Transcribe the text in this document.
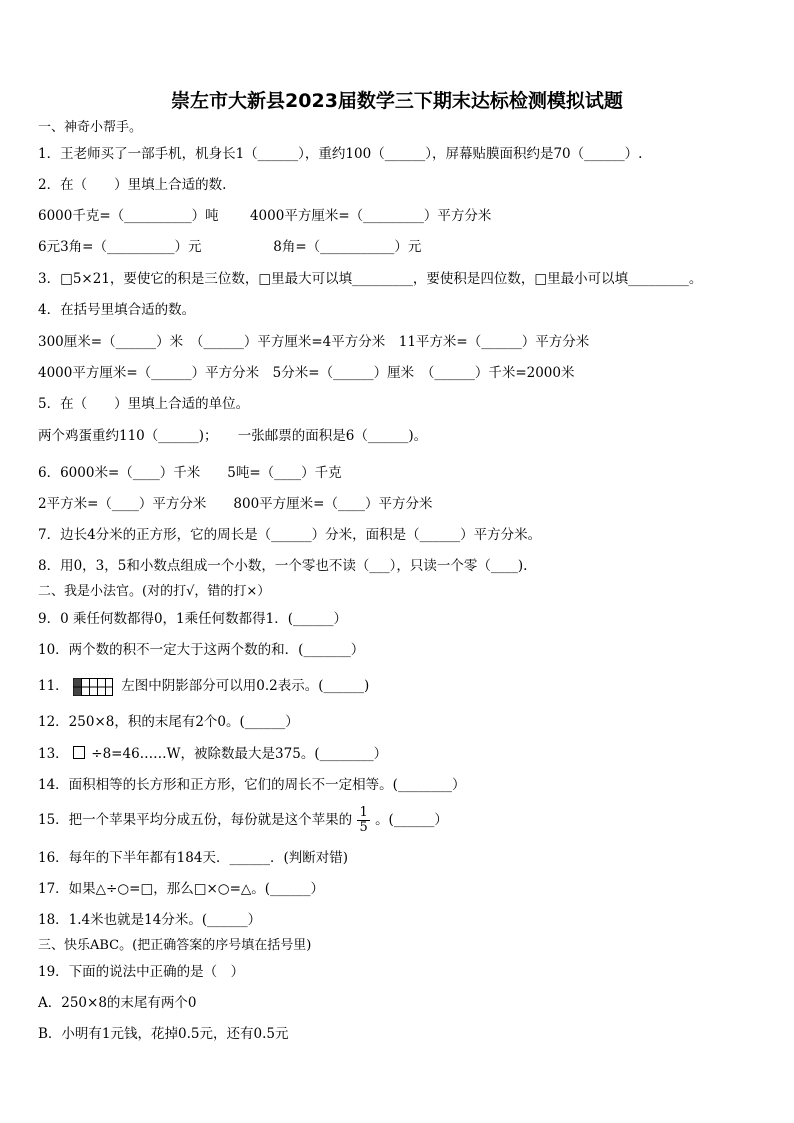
崇左市大新县2023届数学三下期末达标检测模拟试题
一、神奇小帮手。
1．王老师买了一部手机，机身长1（______），重约100（______），屏幕贴膜面积约是70（______）.
2．在（　　）里填上合适的数.
6000千克=（__________）吨　　 4000平方厘米=（_________）平方分米
6元3角=（__________）元　　　　　 8角=（___________）元
3．□5×21，要使它的积是三位数，□里最大可以填_________，要使积是四位数，□里最小可以填_________。
4．在括号里填合适的数。
300厘米=（______）米　（______）平方厘米=4平方分米　11平方米=（______）平方分米
4000平方厘米=（______）平方分米　5分米=（______）厘米　（______）千米=2000米
5．在（　　）里填上合适的单位。
两个鸡蛋重约110（______)；　　一张邮票的面积是6（______)。
6．6000米=（____）千米　　5吨=（____）千克
2平方米=（____）平方分米　　800平方厘米=（____）平方分米
7．边长4分米的正方形，它的周长是（______）分米，面积是（______）平方分米。
8．用0，3，5和小数点组成一个小数，一个零也不读（___），只读一个零（____).
二、我是小法官。(对的打√，错的打×）
9．0 乘任何数都得0，1乘任何数都得1．(______）
10．两个数的积不一定大于这两个数的和．(_______）
11．	左图中阴影部分可以用0.2表示。(______)
12．250×8，积的末尾有2个0。(______）
13． ÷8=46……W，被除数最大是375。(________）
14．面积相等的长方形和正方形，它们的周长不一定相等。(________）
15．把一个苹果平均分成五份，每份就是这个苹果的 $\frac{1}{5}$ 。(______）
16．每年的下半年都有184天．______．(判断对错)
17．如果△÷○=□，那么□×○=△。(______）
18．1.4米也就是14分米。(______）
三、快乐ABC。(把正确答案的序号填在括号里)
19．下面的说法中正确的是（　）
A．250×8的末尾有两个0
B．小明有1元钱，花掉0.5元，还有0.5元
